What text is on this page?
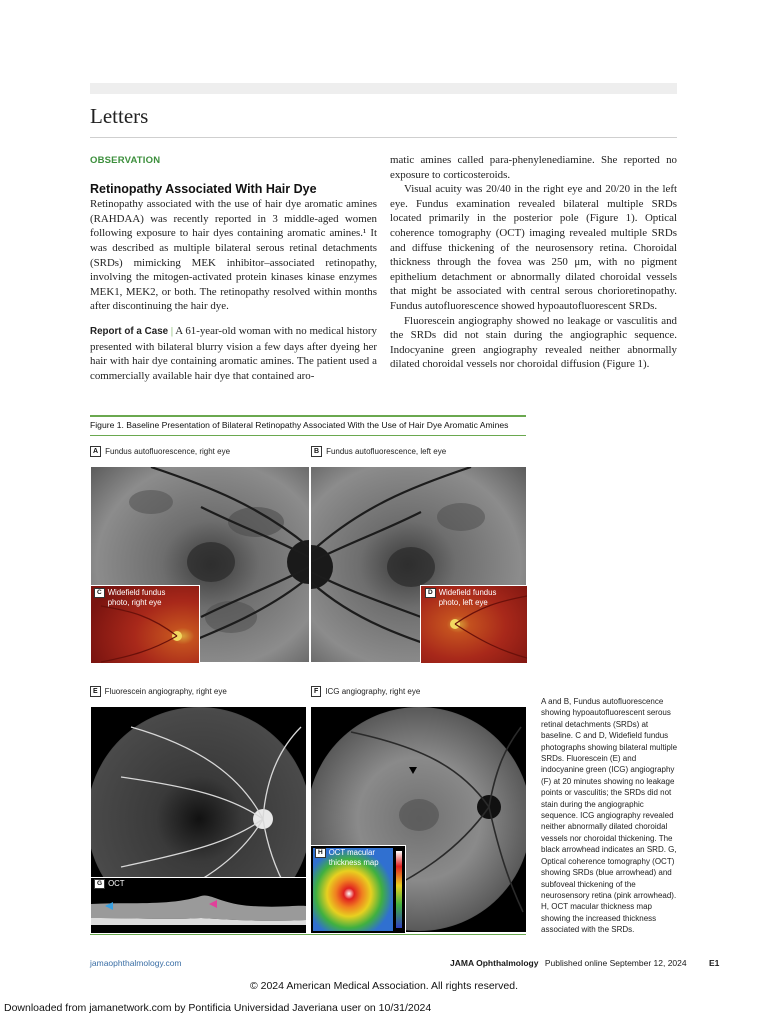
Letters
OBSERVATION
Retinopathy Associated With Hair Dye

Retinopathy associated with the use of hair dye aromatic amines (RAHDAA) was recently reported in 3 middle-aged women following exposure to hair dyes containing aromatic amines.¹ It was described as multiple bilateral serous retinal detachments (SRDs) mimicking MEK inhibitor–associated retinopathy, involving the mitogen-activated protein kinases kinase enzymes MEK1, MEK2, or both. The retinopathy resolved within months after discontinuing the hair dye.

Report of a Case | A 61-year-old woman with no medical history presented with bilateral blurry vision a few days after dyeing her hair with hair dye containing aromatic amines. The patient used a commercially available hair dye that contained aro-

matic amines called para-phenylenediamine. She reported no exposure to corticosteroids.

Visual acuity was 20/40 in the right eye and 20/20 in the left eye. Fundus examination revealed bilateral multiple SRDs located primarily in the posterior pole (Figure 1). Optical coherence tomography (OCT) imaging revealed multiple SRDs and diffuse thickening of the neurosensory retina. Choroidal thickness through the fovea was 250 μm, with no pigment epithelium detachment or abnormally dilated choroidal vessels that might be associated with central serous chorioretinopathy. Fundus autofluorescence showed hypoautofluorescent SRDs.

Fluorescein angiography showed no leakage or vasculitis and the SRDs did not stain during the angiographic sequence. Indocyanine green angiography revealed neither abnormally dilated choroidal vessels nor choroidal diffusion (Figure 1).

Figure 1. Baseline Presentation of Bilateral Retinopathy Associated With the Use of Hair Dye Aromatic Amines
A Fundus autofluorescence, right eye	B Fundus autofluorescence, left eye
C Widefield fundus
photo, right eye
D Widefield fundus
photo, left eye
E Fluorescein angiography, right eye	F ICG angiography, right eye
H OCT macular
thickness map
G OCT
A and B, Fundus autofluorescence showing hypoautofluorescent serous retinal detachments (SRDs) at baseline. C and D, Widefield fundus photographs showing bilateral multiple SRDs. Fluorescein (E) and indocyanine green (ICG) angiography (F) at 20 minutes showing no leakage points or vasculitis; the SRDs did not stain during the angiographic sequence. ICG angiography revealed neither abnormally dilated choroidal vessels nor choroidal thickening. The black arrowhead indicates an SRD. G, Optical coherence tomography (OCT) showing SRDs (blue arrowhead) and subfoveal thickening of the neurosensory retina (pink arrowhead). H, OCT macular thickness map showing the increased thickness associated with the SRDs.
jamaophthalmology.com	JAMA Ophthalmology Published online September 12, 2024	E1
© 2024 American Medical Association. All rights reserved.
Downloaded from jamanetwork.com by Pontificia Universidad Javeriana user on 10/31/2024
